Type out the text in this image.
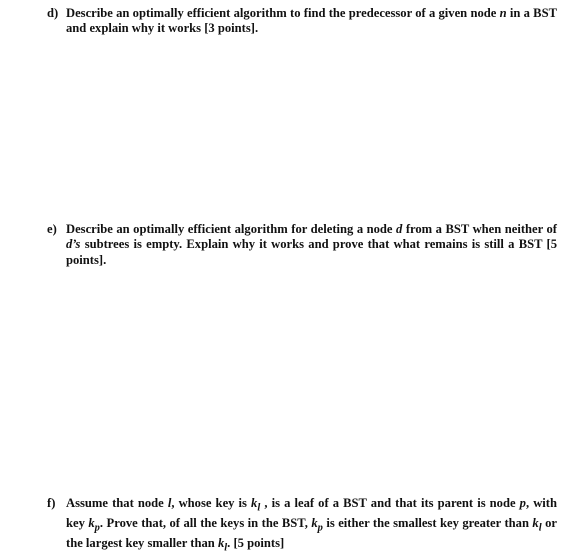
d) Describe an optimally efficient algorithm to find the predecessor of a given node n in a BST and explain why it works [3 points].
e) Describe an optimally efficient algorithm for deleting a node d from a BST when neither of d’s subtrees is empty. Explain why it works and prove that what remains is still a BST [5 points].
f) Assume that node l, whose key is $k_l$ , is a leaf of a BST and that its parent is node p, with key $k_p$. Prove that, of all the keys in the BST, $k_p$ is either the smallest key greater than $k_l$ or the largest key smaller than $k_l$. [5 points]
